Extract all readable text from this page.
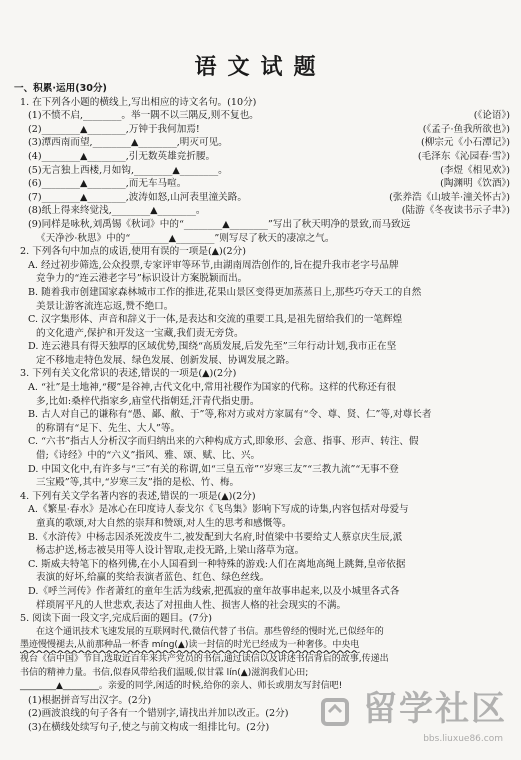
语文试题
一、积累·运用(30分)
1. 在下列各小题的横线上,写出相应的诗文名句。(10分)
(1)不愤不启,________。举一隅不以三隅反,则不复也。	(《论语》)
(2)________▲________,万钟于我何加焉!	(《孟子·鱼我所欲也》)
(3)潭西南而望,________▲________,明灭可见。	(柳宗元《小石潭记》)
(4)________▲________,引无数英雄竞折腰。	(毛泽东《沁园春·雪》)
(5)无言独上西楼,月如钩,________▲________。	(李煜《相见欢》)
(6)________▲________,而无车马喧。	(陶渊明《饮酒》)
(7)________▲________,波涛如怒,山河表里潼关路。	(张养浩《山坡羊·潼关怀古》)
(8)纸上得来终觉浅,________▲________。	(陆游《冬夜读书示子聿》)
(9)同样是咏秋,刘禹锡《秋词》中的“________▲________”写出了秋天明净的景致,而马致远
《天净沙·秋思》中的“________▲________”则写尽了秋天的凄凉之气。
2. 下列各句中加点的成语,使用有误的一项是(▲)(2分)
A. 经过初步筛选,公众投票,专家评审等环节,由湖南周浩创作的,旨在提升我市老字号品牌
竞争力的“连云港老字号”标识设计方案脱颖而出。
B. 随着我市创建国家森林城市工作的推进,花果山景区变得更加蒸蒸日上,那些巧夺天工的自然
美景让游客流连忘返,赞不绝口。
C. 汉字集形体、声音和辞义于一体,是表达和交流的重要工具,是祖先留给我们的一笔辉煌
的文化遗产,保护和开发这一宝藏,我们责无旁贷。
D. 连云港具有得天独厚的区域优势,围绕“高质发展,后发先至”三年行动计划,我市正在坚
定不移地走特色发展、绿色发展、创新发展、协调发展之路。
3. 下列有关文化常识的表述,错误的一项是(▲)(2分)
A. “社”是土地神,“稷”是谷神,古代文化中,常用社稷作为国家的代称。这样的代称还有很
多,比如:桑梓代指家乡,庙堂代指朝廷,汗青代指史册。
B. 古人对自己的谦称有“愚、鄙、敝、于”等,称对方或对方家属有“令、尊、贤、仁”等,对尊长者
的称谓有“足下、先生、大人”等。
C. “六书”指古人分析汉字而归纳出来的六种构成方式,即象形、会意、指事、形声、转注、假
借;《诗经》中的“六义”指风、雅、颂、赋、比、兴。
D. 中国文化中,有许多与“三”有关的称谓,如“三皇五帝”“岁寒三友”“三教九流”“无事不登
三宝殿”等,其中,“岁寒三友”指的是松、竹、梅。
4. 下列有关文学名著内容的表述,错误的一项是(▲)(2分)
A.《繁星·春水》是冰心在印度诗人泰戈尔《飞鸟集》影响下写成的诗集,内容包括对母爱与
童真的歌颂,对大自然的崇拜和赞颂,对人生的思考和感慨等。
B.《水浒传》中杨志因杀死泼皮牛二,被发配到大名府,时值梁中书要给丈人蔡京庆生辰,派
杨志护送,杨志被吴用等人设计智取,走投无路,上梁山落草为寇。
C. 斯威夫特笔下的格列佛,在小人国看到一种特殊的游戏:人们在离地高绳上跳舞,皇帝依据
表演的好坏,给赢的奖给表演者蓝色、红色、绿色丝线。
D.《呼兰河传》作者萧红的童年生活为线索,把孤寂的童年故事串起来,以及小城里各式各
样琐屑平凡的人世悲欢,表达了对扭曲人性、损害人格的社会现实的不满。
5. 阅读下面一段文字,完成后面的题目。(7分)
在这个通讯技术飞速发展的互联网时代,微信代替了书信。那些曾经的慢时光,已似经年的
墨迹慢慢褪去,从前那种品一杯香 míng(▲)读一封信的时光已经成为一种奢侈。中央电
视台《信中国》节目,选取近百年来共产党员的书信,通过读信以及讲述书信背后的故事,传递出
书信的精神力量。书信,似春风带给我们温暖,似甘霖 lín(▲)滋润我们心田;
________▲________。亲爱的同学,闲适的时候,给你的亲人、师长或朋友写封信吧!
(1)根据拼音写出汉字。(2分)
(2)画波浪线的句子各有一个错别字,请找出并加以改正。(2分)
(3)在横线处续写句子,使之与前文构成一组排比句。(2分)	留学社区
bbs.liuxue86.com
